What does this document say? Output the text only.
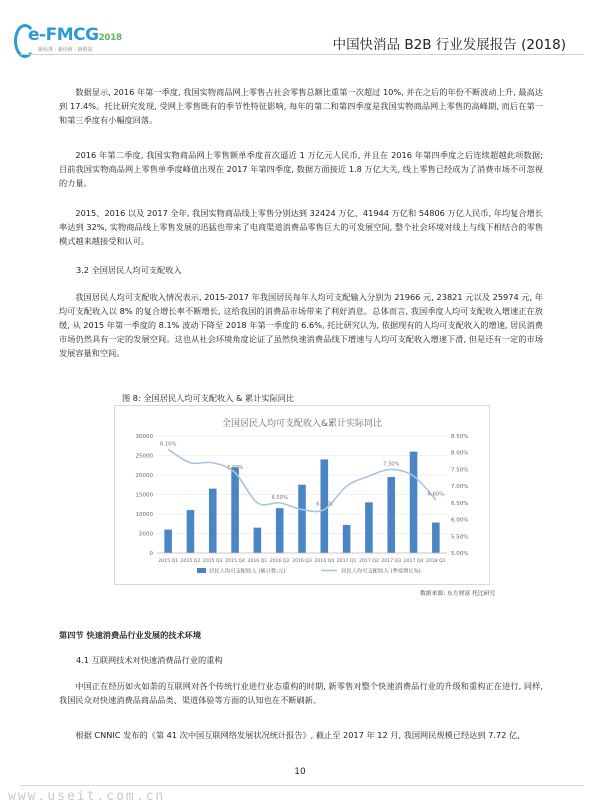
e-FMCG2018
新标准 · 新价值 · 新格局	中国快消品 B2B 行业发展报告 (2018)

数据显示, 2016 年第一季度, 我国实物商品网上零售占社会零售总额比重第一次超过 10%, 并在之后的年份不断波动上升, 最高达到 17.4%。托比研究发现, 受网上零售既有的季节性特征影响, 每年的第二和第四季度是我国实物商品网上零售的高峰期, 而后在第一和第三季度有小幅度回落。

2016 年第二季度, 我国实物商品网上零售额单季度首次逼近 1 万亿元人民币, 并且在 2016 年第四季度之后连续超越此项数据; 目前我国实物商品网上零售单季度峰值出现在 2017 年第四季度, 数据方面接近 1.8 万亿大关, 线上零售已经成为了消费市场不可忽视的力量。

2015、2016 以及 2017 全年, 我国实物商品线上零售分别达到 32424 万亿、41944 万亿和 54806 万亿人民币, 年均复合增长率达到 32%, 实物商品线上零售发展的迅猛也带来了电商渠道消费品零售巨大的可发展空间, 整个社会环境对线上与线下相结合的零售模式越来越接受和认可。

3.2 全国居民人均可支配收入

我国居民人均可支配收入情况表示, 2015-2017 年我国居民每年人均可支配输入分别为 21966 元, 23821 元以及 25974 元, 年均可支配收入以 8% 的复合增长率不断增长, 这给我国的消费品市场带来了利好消息。总体而言, 我国季度人均可支配收入增速正在放缓, 从 2015 年第一季度的 8.1% 波动下降至 2018 年第一季度的 6.6%, 托比研究认为, 依据现有的人均可支配收入的增速, 居民消费市场仍然具有一定的发展空间。这也从社会环境角度论证了虽然快速消费品线下增速与人均可支配收入增速下滑, 但是还有一定的市场发展容量和空间。

图 8: 全国居民人均可支配收入 & 累计实际同比
全国居民人均可支配收入&累计实际同比
0
5000
10000
15000
20000
25000
30000
5.00%
5.50%
6.00%
6.50%
7.00%
7.50%
8.00%
8.50%
8.10%
7.70%
6.50%
6.30%
7.30%
6.60%
2015 Q1 2015 Q2 2015 Q3 2015 Q4 2016 Q1 2016 Q2 2016 Q3 2016 Q4 2017 Q1 2017 Q2 2017 Q3 2017 Q4 2018 Q1
居民人均可支配收入 (累计数:元)	居民人均可支配收入 (季度增长%)
数据来源: 东方财富 托比研究

第四节 快速消费品行业发展的技术环境

4.1 互联网技术对快速消费品行业的重构

中国正在经历如火如荼的互联网对各个传统行业进行业态重构的时期, 新零售对整个快速消费品行业的升级和重构正在进行, 同样, 我国民众对快速消费品商品品类、渠道体验等方面的认知也在不断刷新。

根据 CNNIC 发布的《第 41 次中国互联网络发展状况统计报告》, 截止至 2017 年 12 月, 我国网民规模已经达到 7.72 亿,

10
www.useit.com.cn
